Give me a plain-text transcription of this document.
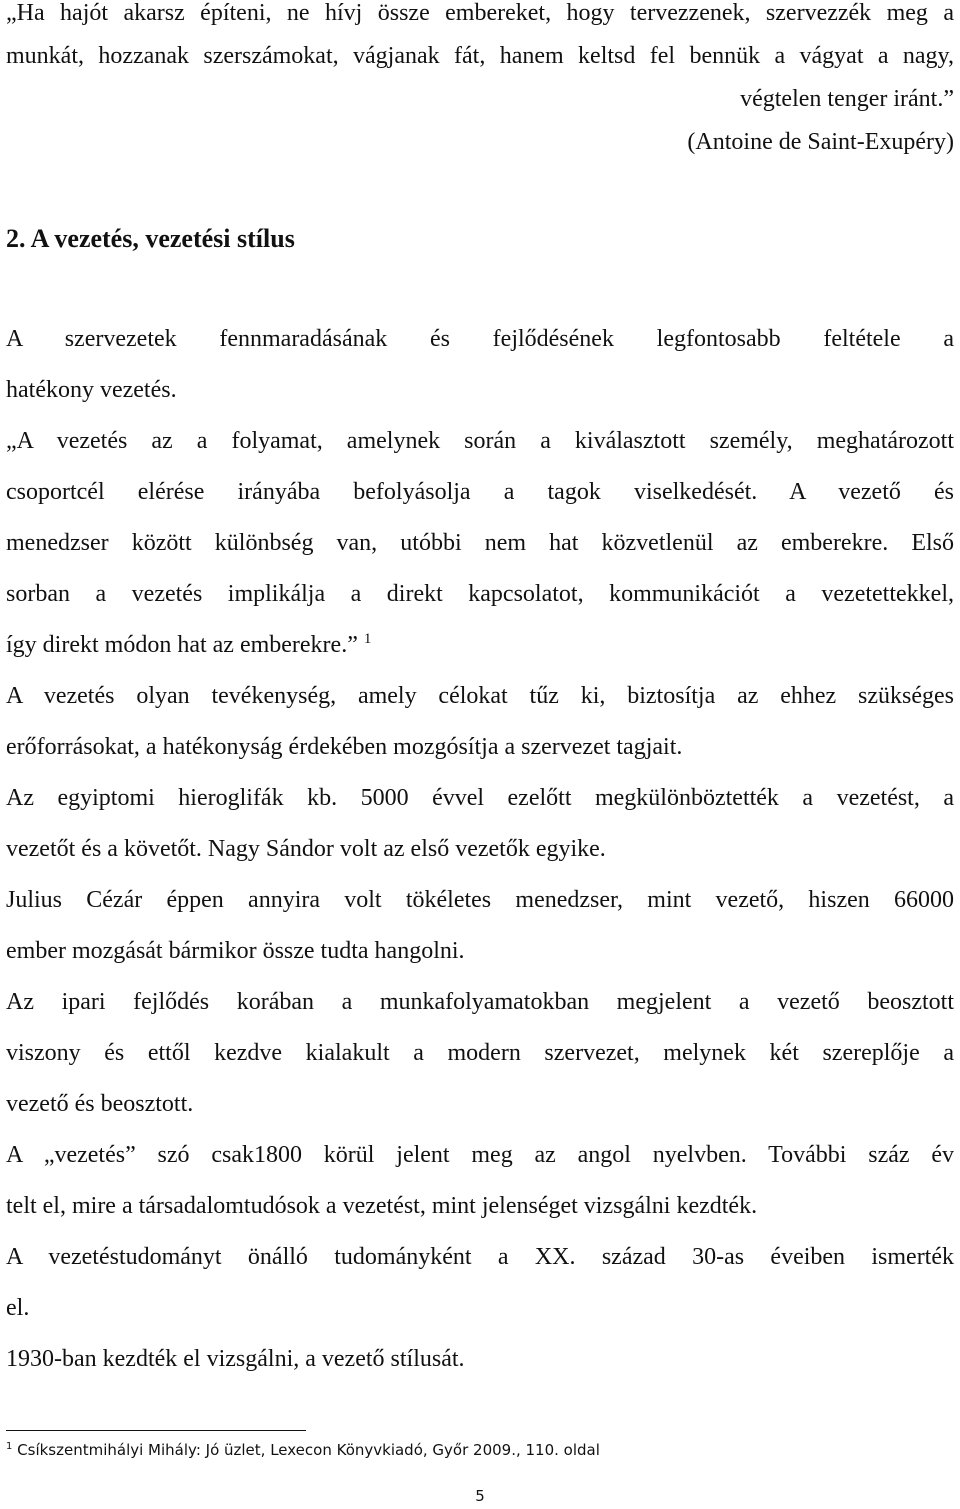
„Ha hajót akarsz építeni, ne hívj össze embereket, hogy tervezzenek, szervezzék meg a
munkát, hozzanak szerszámokat, vágjanak fát, hanem keltsd fel bennük a vágyat a nagy,
végtelen tenger iránt.”
(Antoine de Saint-Exupéry)
2. A vezetés, vezetési stílus
A szervezetek fennmaradásának és fejlődésének legfontosabb feltétele a
hatékony vezetés.
„A vezetés az a folyamat, amelynek során a kiválasztott személy, meghatározott
csoportcél elérése irányába befolyásolja a tagok viselkedését. A vezető és
menedzser között különbség van, utóbbi nem hat közvetlenül az emberekre. Első
sorban a vezetés implikálja a direkt kapcsolatot, kommunikációt a vezetettekkel,
így direkt módon hat az emberekre.” $^1$
A vezetés olyan tevékenység, amely célokat tűz ki, biztosítja az ehhez szükséges
erőforrásokat, a hatékonyság érdekében mozgósítja a szervezet tagjait.
Az egyiptomi hieroglifák kb. 5000 évvel ezelőtt megkülönböztették a vezetést, a
vezetőt és a követőt. Nagy Sándor volt az első vezetők egyike.
Julius Cézár éppen annyira volt tökéletes menedzser, mint vezető, hiszen 66000
ember mozgását bármikor össze tudta hangolni.
Az ipari fejlődés korában a munkafolyamatokban megjelent a vezető beosztott
viszony és ettől kezdve kialakult a modern szervezet, melynek két szereplője a
vezető és beosztott.
A „vezetés” szó csak1800 körül jelent meg az angol nyelvben. További száz év
telt el, mire a társadalomtudósok a vezetést, mint jelenséget vizsgálni kezdték.
A vezetéstudományt önálló tudományként a XX. század 30-as éveiben ismerték
el.
1930-ban kezdték el vizsgálni, a vezető stílusát.
$^1$ Csíkszentmihályi Mihály: Jó üzlet, Lexecon Könyvkiadó, Győr 2009., 110. oldal
5
